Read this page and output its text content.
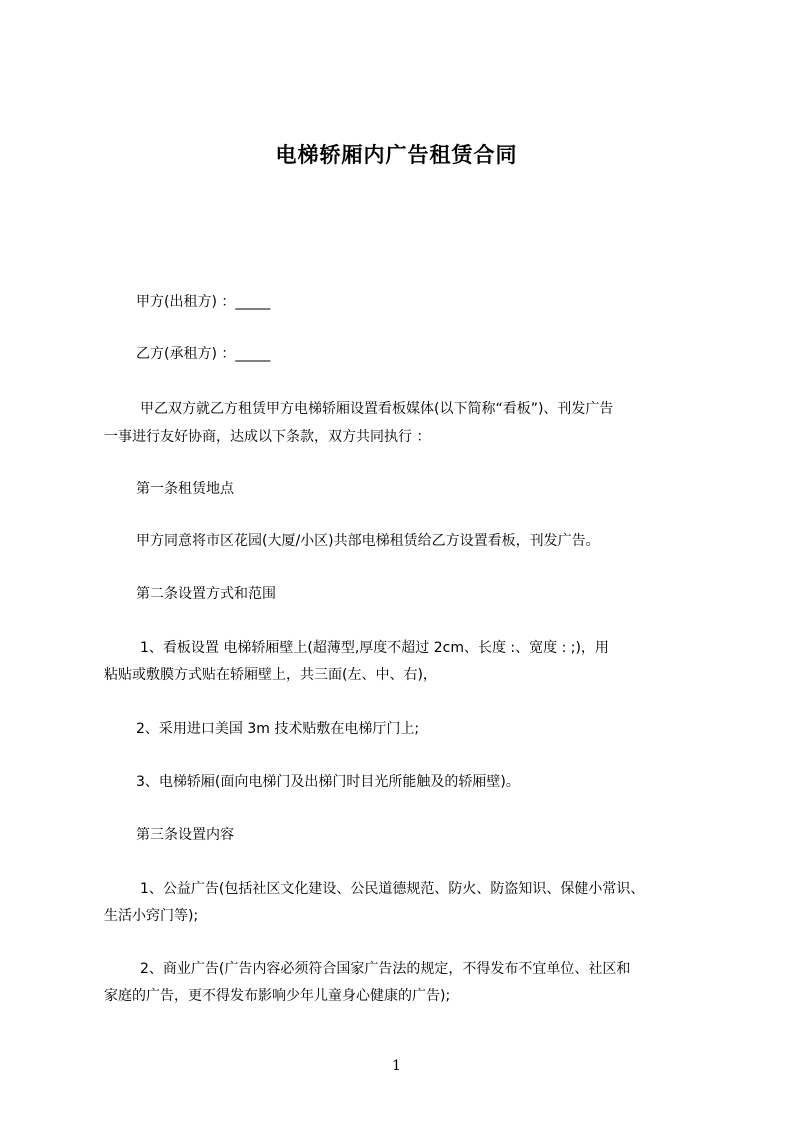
电梯轿厢内广告租赁合同

甲方(出租方) ：_____

乙方(承租方) ：_____

甲乙双方就乙方租赁甲方电梯轿厢设置看板媒体(以下简称“看板”)、刊发广告

一事进行友好协商，达成以下条款，双方共同执行 ：

第一条租赁地点

甲方同意将市区花园(大厦/小区)共部电梯租赁给乙方设置看板，刊发广告。

第二条设置方式和范围

1、看板设置 电梯轿厢壁上(超薄型,厚度不超过 2cm、长度 :、宽度 : ;)，用

粘贴或敷膜方式贴在轿厢壁上，共三面(左、中、右)，

2、采用进口美国 3m 技术贴敷在电梯厅门上;

3、电梯轿厢(面向电梯门及出梯门时目光所能触及的轿厢壁)。

第三条设置内容

1、公益广告(包括社区文化建设、公民道德规范、防火、防盗知识、保健小常识、

生活小窍门等);

2、商业广告(广告内容必须符合国家广告法的规定，不得发布不宜单位、社区和

家庭的广告，更不得发布影响少年儿童身心健康的广告);

1
